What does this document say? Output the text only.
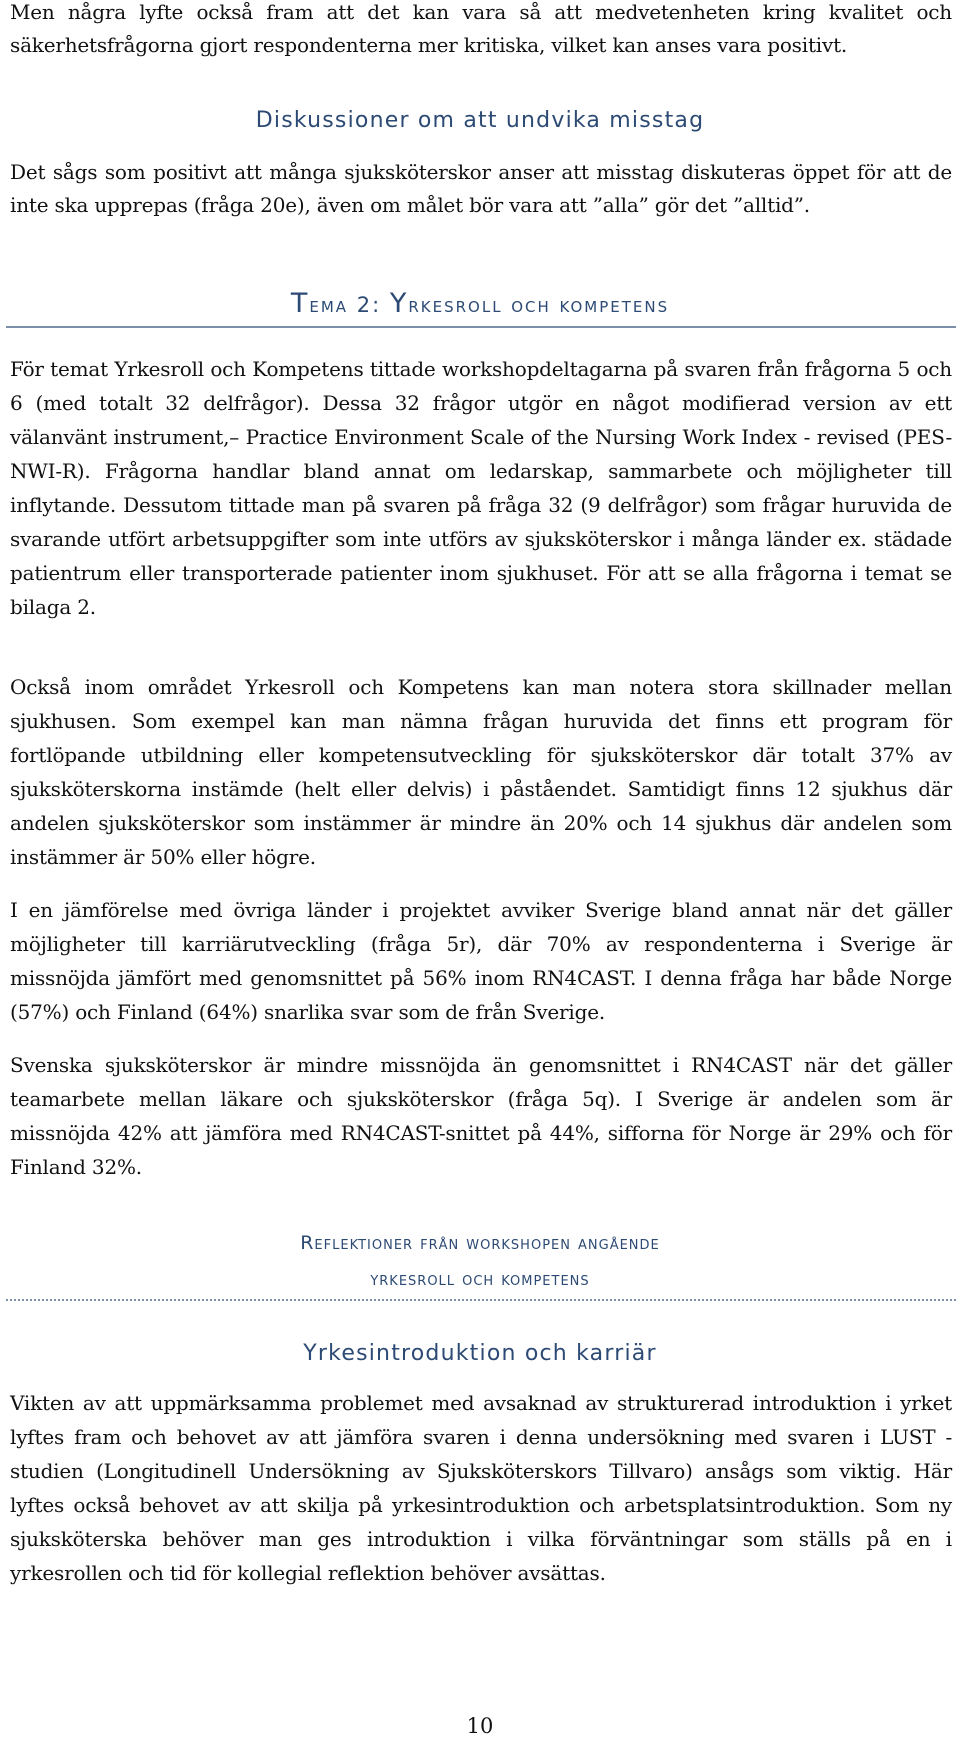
Men några lyfte också fram att det kan vara så att medvetenheten kring kvalitet och säkerhetsfrågorna gjort respondenterna mer kritiska, vilket kan anses vara positivt.

Diskussioner om att undvika misstag

Det sågs som positivt att många sjuksköterskor anser att misstag diskuteras öppet för att de inte ska upprepas (fråga 20e), även om målet bör vara att ”alla” gör det ”alltid”.

Tema 2: Yrkesroll och kompetens

För temat Yrkesroll och Kompetens tittade workshopdeltagarna på svaren från frågorna 5 och 6 (med totalt 32 delfrågor). Dessa 32 frågor utgör en något modifierad version av ett välanvänt instrument,– Practice Environment Scale of the Nursing Work Index - revised (PES-NWI-R). Frågorna handlar bland annat om ledarskap, sammarbete och möjligheter till inflytande. Dessutom tittade man på svaren på fråga 32 (9 delfrågor) som frågar huruvida de svarande utfört arbetsuppgifter som inte utförs av sjuksköterskor i många länder ex. städade patientrum eller transporterade patienter inom sjukhuset. För att se alla frågorna i temat se bilaga 2.

Också inom området Yrkesroll och Kompetens kan man notera stora skillnader mellan sjukhusen. Som exempel kan man nämna frågan huruvida det finns ett program för fortlöpande utbildning eller kompetensutveckling för sjuksköterskor där totalt 37% av sjuksköterskorna instämde (helt eller delvis) i påståendet. Samtidigt finns 12 sjukhus där andelen sjuksköterskor som instämmer är mindre än 20% och 14 sjukhus där andelen som instämmer är 50% eller högre.

I en jämförelse med övriga länder i projektet avviker Sverige bland annat när det gäller möjligheter till karriärutveckling (fråga 5r), där 70% av respondenterna i Sverige är missnöjda jämfört med genomsnittet på 56% inom RN4CAST. I denna fråga har både Norge (57%) och Finland (64%) snarlika svar som de från Sverige.

Svenska sjuksköterskor är mindre missnöjda än genomsnittet i RN4CAST när det gäller teamarbete mellan läkare och sjuksköterskor (fråga 5q). I Sverige är andelen som är missnöjda 42% att jämföra med RN4CAST-snittet på 44%, sifforna för Norge är 29% och för Finland 32%.

Reflektioner från workshopen angående
yrkesroll och kompetens
Yrkesintroduktion och karriär

Vikten av att uppmärksamma problemet med avsaknad av strukturerad introduktion i yrket lyftes fram och behovet av att jämföra svaren i denna undersökning med svaren i LUST - studien (Longitudinell Undersökning av Sjuksköterskors Tillvaro) ansågs som viktig. Här lyftes också behovet av att skilja på yrkesintroduktion och arbetsplatsintroduktion. Som ny sjuksköterska behöver man ges introduktion i vilka förväntningar som ställs på en i yrkesrollen och tid för kollegial reflektion behöver avsättas.

10
